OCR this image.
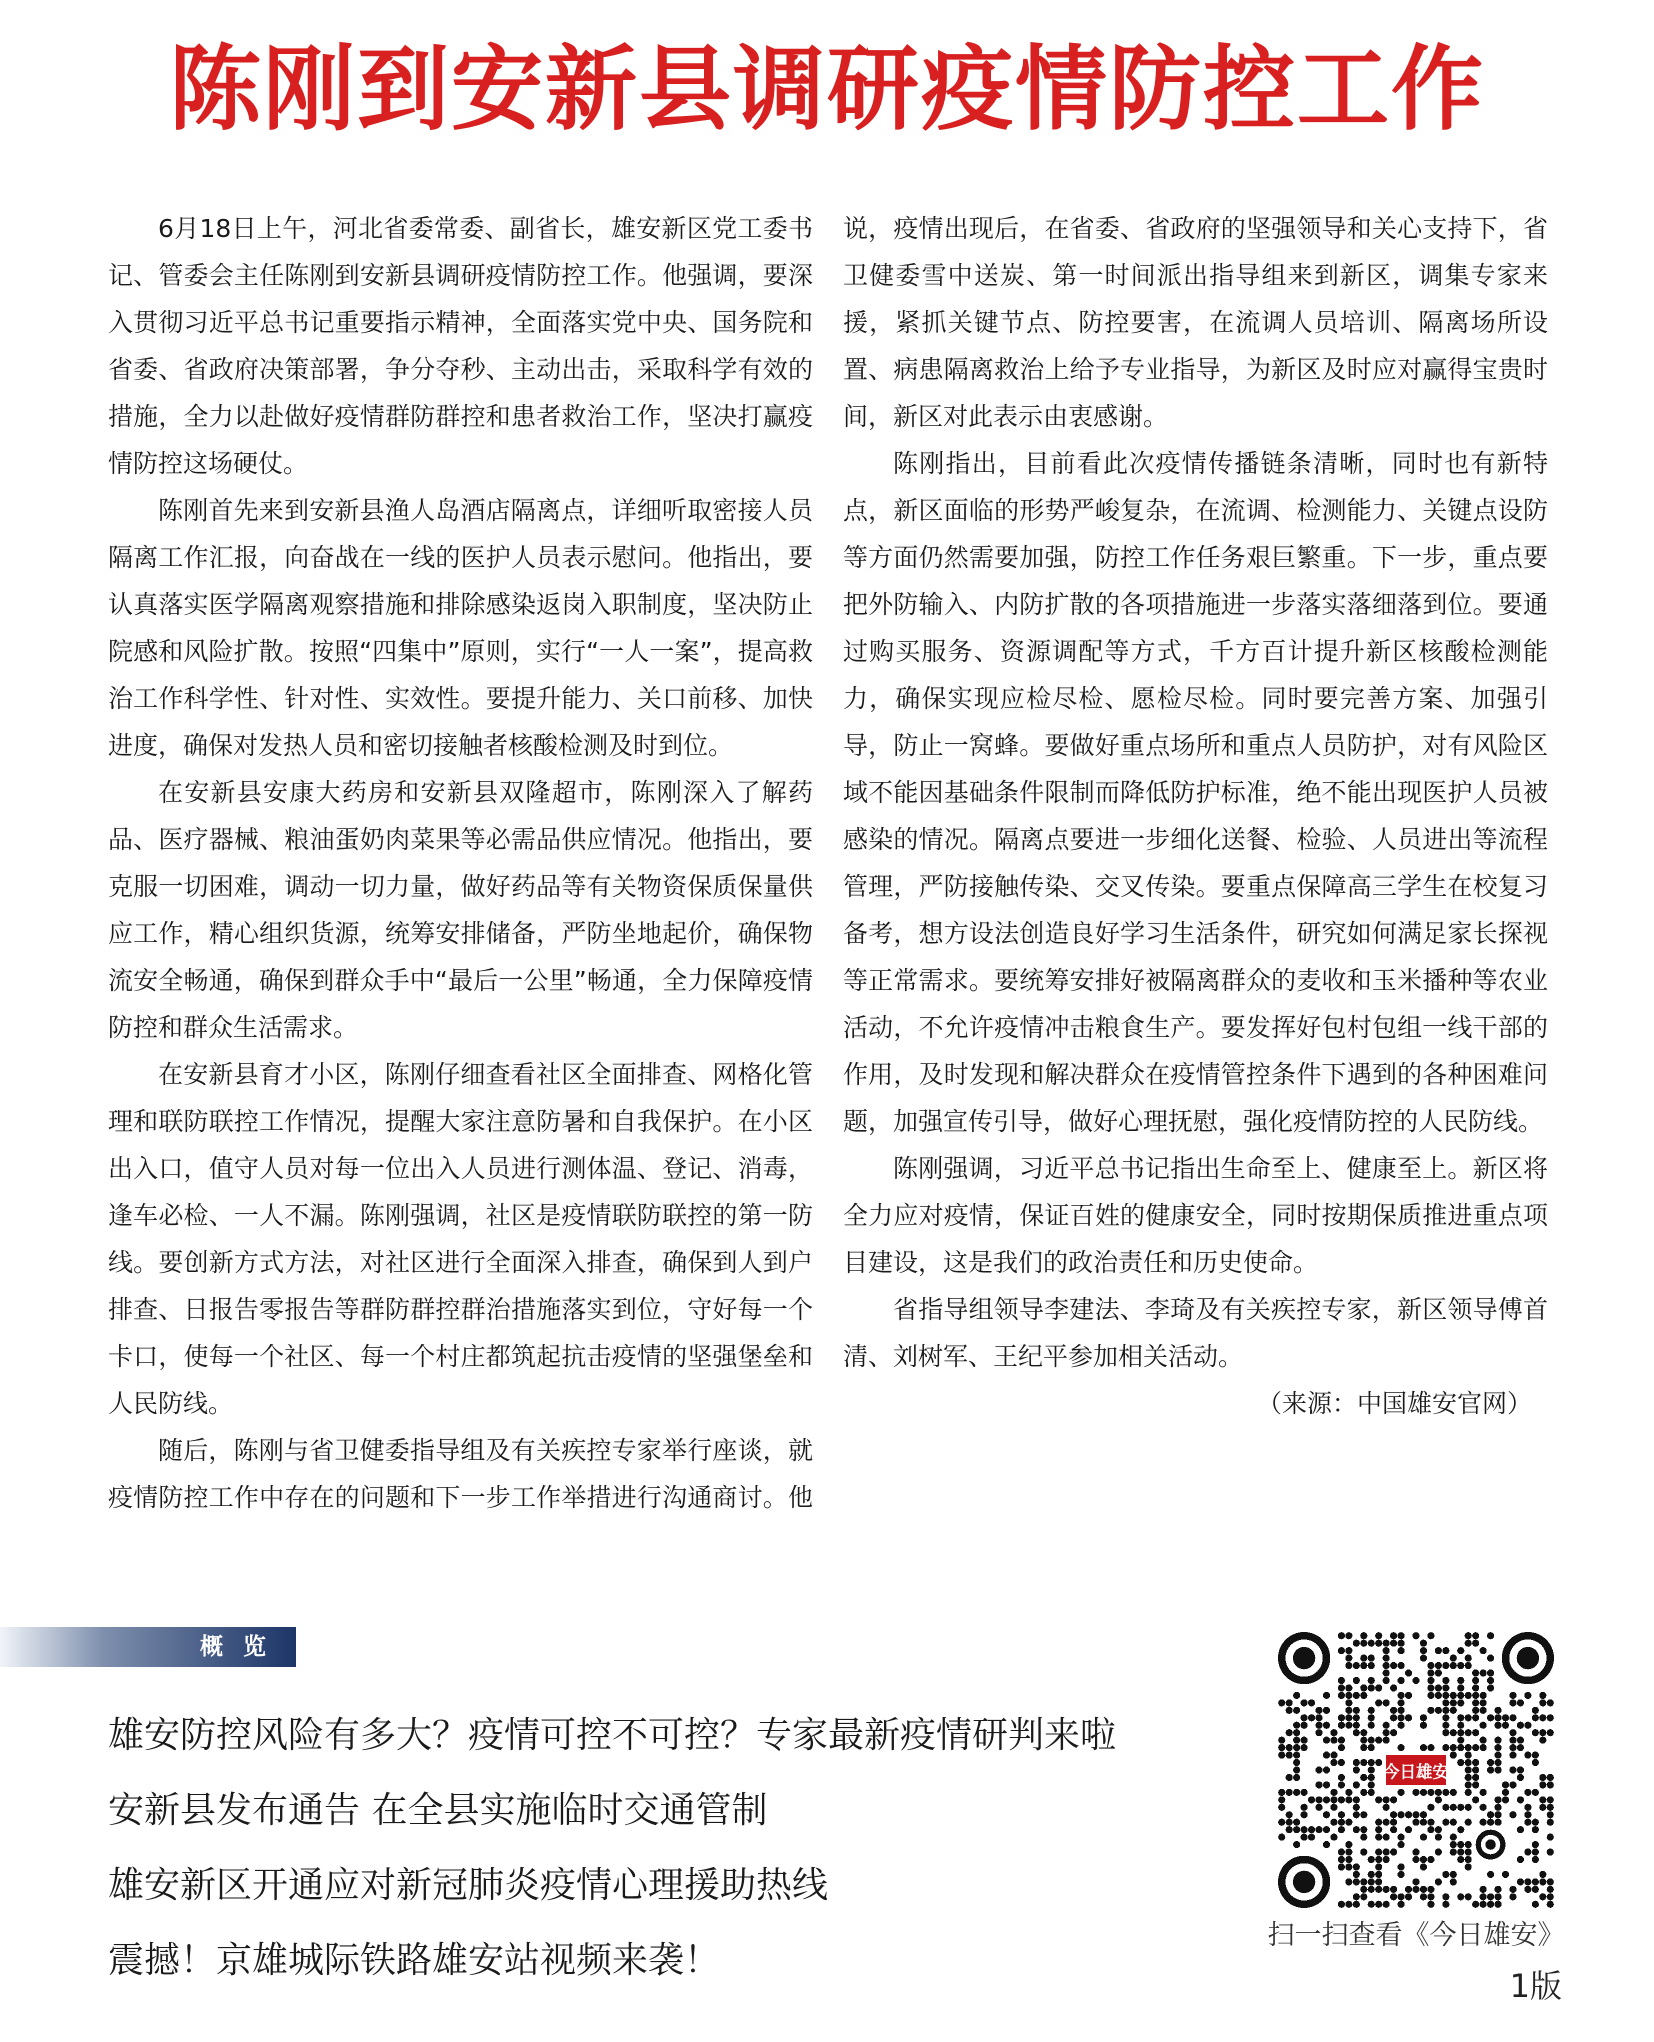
陈刚到安新县调研疫情防控工作

6月18日上午，河北省委常委、副省长，雄安新区党工委书记、管委会主任陈刚到安新县调研疫情防控工作。他强调，要深入贯彻习近平总书记重要指示精神，全面落实党中央、国务院和省委、省政府决策部署，争分夺秒、主动出击，采取科学有效的措施，全力以赴做好疫情群防群控和患者救治工作，坚决打赢疫情防控这场硬仗。

陈刚首先来到安新县渔人岛酒店隔离点，详细听取密接人员隔离工作汇报，向奋战在一线的医护人员表示慰问。他指出，要认真落实医学隔离观察措施和排除感染返岗入职制度，坚决防止院感和风险扩散。按照“四集中”原则，实行“一人一案”，提高救治工作科学性、针对性、实效性。要提升能力、关口前移、加快进度，确保对发热人员和密切接触者核酸检测及时到位。

在安新县安康大药房和安新县双隆超市，陈刚深入了解药品、医疗器械、粮油蛋奶肉菜果等必需品供应情况。他指出，要克服一切困难，调动一切力量，做好药品等有关物资保质保量供应工作，精心组织货源，统筹安排储备，严防坐地起价，确保物流安全畅通，确保到群众手中“最后一公里”畅通，全力保障疫情防控和群众生活需求。

在安新县育才小区，陈刚仔细查看社区全面排查、网格化管理和联防联控工作情况，提醒大家注意防暑和自我保护。在小区出入口，值守人员对每一位出入人员进行测体温、登记、消毒，逢车必检、一人不漏。陈刚强调，社区是疫情联防联控的第一防线。要创新方式方法，对社区进行全面深入排查，确保到人到户排查、日报告零报告等群防群控群治措施落实到位，守好每一个卡口，使每一个社区、每一个村庄都筑起抗击疫情的坚强堡垒和人民防线。

随后，陈刚与省卫健委指导组及有关疾控专家举行座谈，就疫情防控工作中存在的问题和下一步工作举措进行沟通商讨。他说，疫情出现后，在省委、省政府的坚强领导和关心支持下，省卫健委雪中送炭、第一时间派出指导组来到新区，调集专家来援，紧抓关键节点、防控要害，在流调人员培训、隔离场所设置、病患隔离救治上给予专业指导，为新区及时应对赢得宝贵时间，新区对此表示由衷感谢。

陈刚指出，目前看此次疫情传播链条清晰，同时也有新特点，新区面临的形势严峻复杂，在流调、检测能力、关键点设防等方面仍然需要加强，防控工作任务艰巨繁重。下一步，重点要把外防输入、内防扩散的各项措施进一步落实落细落到位。要通过购买服务、资源调配等方式，千方百计提升新区核酸检测能力，确保实现应检尽检、愿检尽检。同时要完善方案、加强引导，防止一窝蜂。要做好重点场所和重点人员防护，对有风险区域不能因基础条件限制而降低防护标准，绝不能出现医护人员被感染的情况。隔离点要进一步细化送餐、检验、人员进出等流程管理，严防接触传染、交叉传染。要重点保障高三学生在校复习备考，想方设法创造良好学习生活条件，研究如何满足家长探视等正常需求。要统筹安排好被隔离群众的麦收和玉米播种等农业活动，不允许疫情冲击粮食生产。要发挥好包村包组一线干部的作用，及时发现和解决群众在疫情管控条件下遇到的各种困难问题，加强宣传引导，做好心理抚慰，强化疫情防控的人民防线。

陈刚强调，习近平总书记指出生命至上、健康至上。新区将全力应对疫情，保证百姓的健康安全，同时按期保质推进重点项目建设，这是我们的政治责任和历史使命。

省指导组领导李建法、李琦及有关疾控专家，新区领导傅首清、刘树军、王纪平参加相关活动。

（来源：中国雄安官网）

概 览
雄安防控风险有多大？疫情可控不可控？专家最新疫情研判来啦
安新县发布通告 在全县实施临时交通管制
雄安新区开通应对新冠肺炎疫情心理援助热线
震撼！京雄城际铁路雄安站视频来袭！
今日雄安
扫一扫查看《今日雄安》
1版
